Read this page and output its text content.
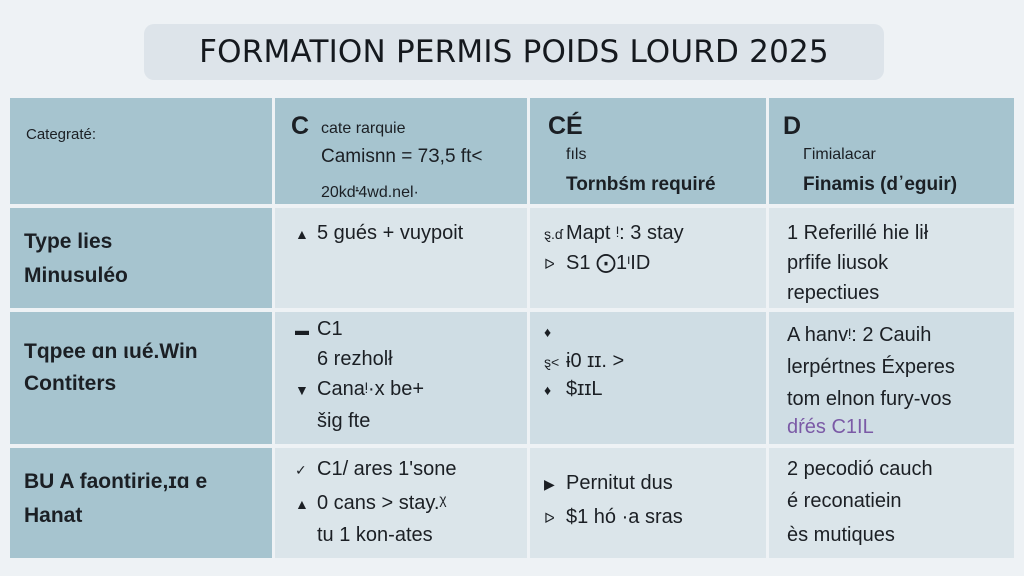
FORMATION PERMIS POIDS LOURD 2025
Categraté:	C cate rarquie
Camisnn = 7З,5 ft<
20kd᠊ᡃ4wd.nel·
CÉ
fıls
Tornbśm requiré
D
Γimialacar
Finamis (d᾽eguir)
Type lies
Minusuléo
▲ 5 gués + vuypoit	ȿ.ɗ Mapt ᵎ: 3 stay
ᐅ S1 ⨀1ᶦID
1 Referillé hie lił
prfife liusok
repectiues
Tqpee ɑn ιué.Win
Contiters
▬ C1
6 rezholł
▼ Canaᵎ·x be+
šig fte
♦
ȿ< ɨ0 ɪɪ. >
♦ $ɪɪL
A hanvᵎ: 2 Cauih
lerpértnes Éxperes
tom elnon fury-vos
dŕés C1IL
BU A faontirie,ɪɑ e
Hanat
✓ C1/ ares 1'sone
▲ 0 cans > stay.ᵡ
tu 1 kon-ates
▶ Pernitut dus
ᐅ $1 hó ·a sras
2 pecodió cauch
é reconatiein
ès mutiques
